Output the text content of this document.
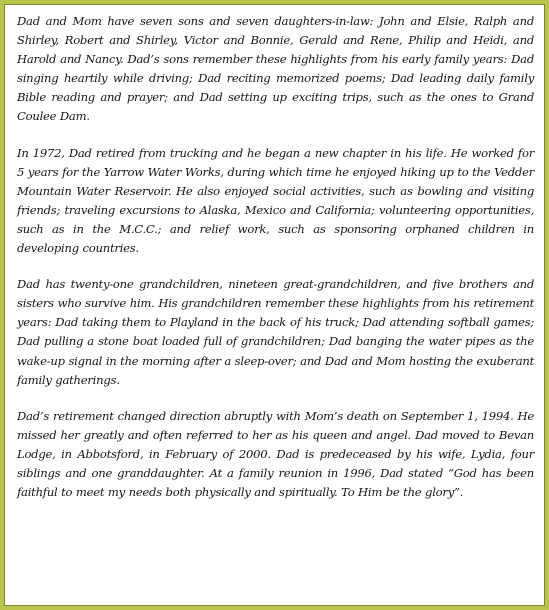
Dad and Mom have seven sons and seven daughters-in-law: John and Elsie, Ralph and Shirley, Robert and Shirley, Victor and Bonnie, Gerald and Rene, Philip and Heidi, and Harold and Nancy. Dad’s sons remember these highlights from his early family years: Dad singing heartily while driving; Dad reciting memorized poems; Dad leading daily family Bible reading and prayer; and Dad setting up exciting trips, such as the ones to Grand Coulee Dam.

In 1972, Dad retired from trucking and he began a new chapter in his life. He worked for 5 years for the Yarrow Water Works, during which time he enjoyed hiking up to the Vedder Mountain Water Reservoir. He also enjoyed social activities, such as bowling and visiting friends; traveling excursions to Alaska, Mexico and California; volunteering opportunities, such as in the M.C.C.; and relief work, such as sponsoring orphaned children in developing countries.

Dad has twenty-one grandchildren, nineteen great-grandchildren, and five brothers and sisters who survive him. His grandchildren remember these highlights from his retirement years: Dad taking them to Playland in the back of his truck; Dad attending softball games; Dad pulling a stone boat loaded full of grandchildren; Dad banging the water pipes as the wake-up signal in the morning after a sleep-over; and Dad and Mom hosting the exuberant family gatherings.

Dad’s retirement changed direction abruptly with Mom’s death on September 1, 1994. He missed her greatly and often referred to her as his queen and angel. Dad moved to Bevan Lodge, in Abbotsford, in February of 2000. Dad is predeceased by his wife, Lydia, four siblings and one granddaughter. At a family reunion in 1996, Dad stated “God has been faithful to meet my needs both physically and spiritually. To Him be the glory”.
